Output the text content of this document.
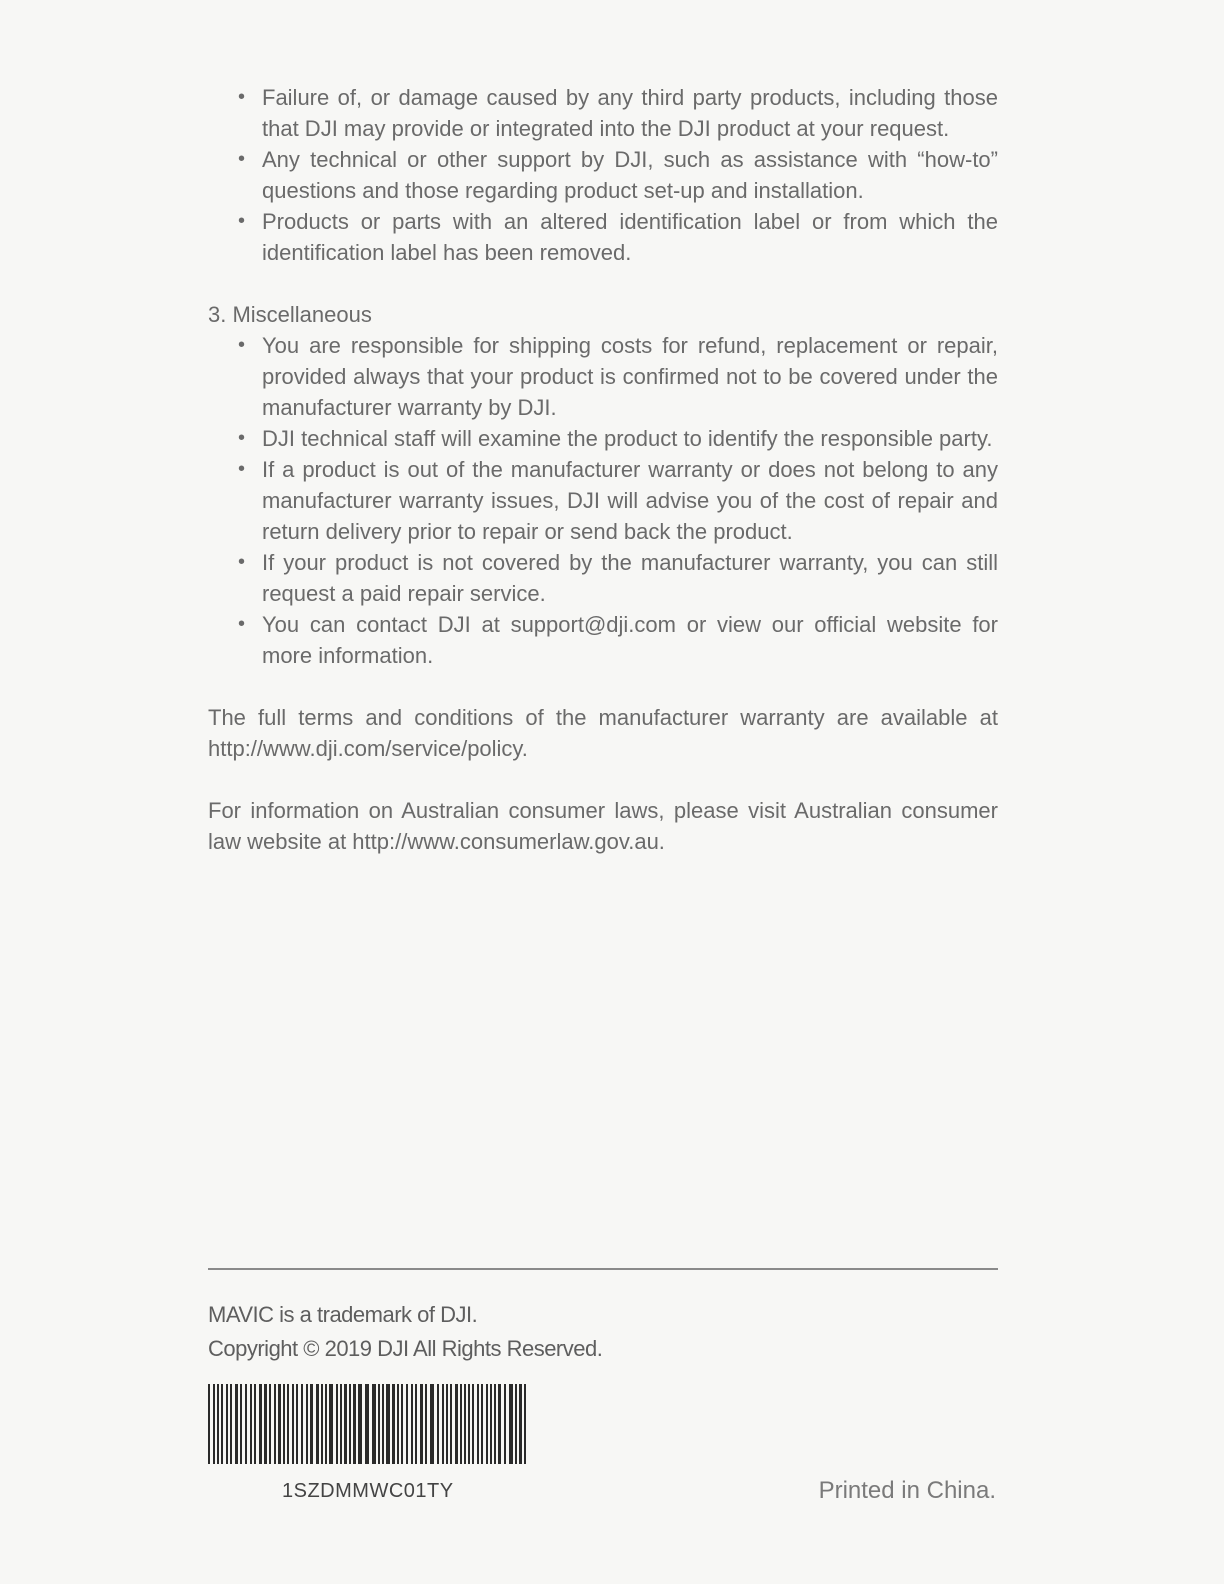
• Failure of, or damage caused by any third party products, including those that DJI may provide or integrated into the DJI product at your request.
• Any technical or other support by DJI, such as assistance with “how-to” questions and those regarding product set-up and installation.
• Products or parts with an altered identification label or from which the identification label has been removed.
3. Miscellaneous
• You are responsible for shipping costs for refund, replacement or repair, provided always that your product is confirmed not to be covered under the manufacturer warranty by DJI.
• DJI technical staff will examine the product to identify the responsible party.
• If a product is out of the manufacturer warranty or does not belong to any manufacturer warranty issues, DJI will advise you of the cost of repair and return delivery prior to repair or send back the product.
• If your product is not covered by the manufacturer warranty, you can still request a paid repair service.
• You can contact DJI at support@dji.com or view our official website for more information.

The full terms and conditions of the manufacturer warranty are available at http://www.dji.com/service/policy.

For information on Australian consumer laws, please visit Australian consumer law website at http://www.consumerlaw.gov.au.

MAVIC is a trademark of DJI.
Copyright © 2019 DJI All Rights Reserved.
1SZDMMWC01TY	Printed in China.
